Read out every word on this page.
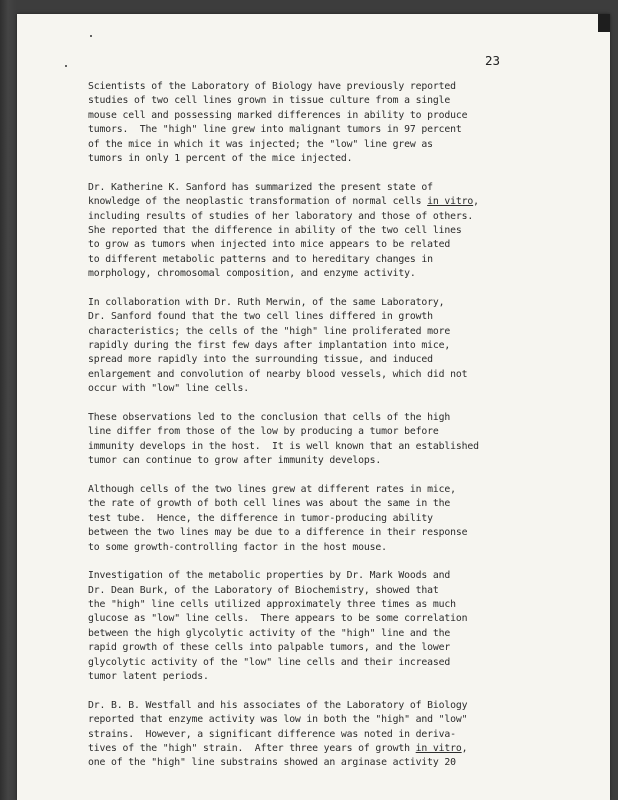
23
Scientists of the Laboratory of Biology have previously reported
studies of two cell lines grown in tissue culture from a single
mouse cell and possessing marked differences in ability to produce
tumors.  The "high" line grew into malignant tumors in 97 percent
of the mice in which it was injected; the "low" line grew as
tumors in only 1 percent of the mice injected.
Dr. Katherine K. Sanford has summarized the present state of
knowledge of the neoplastic transformation of normal cells in vitro,
including results of studies of her laboratory and those of others.
She reported that the difference in ability of the two cell lines
to grow as tumors when injected into mice appears to be related
to different metabolic patterns and to hereditary changes in
morphology, chromosomal composition, and enzyme activity.
In collaboration with Dr. Ruth Merwin, of the same Laboratory,
Dr. Sanford found that the two cell lines differed in growth
characteristics; the cells of the "high" line proliferated more
rapidly during the first few days after implantation into mice,
spread more rapidly into the surrounding tissue, and induced
enlargement and convolution of nearby blood vessels, which did not
occur with "low" line cells.
These observations led to the conclusion that cells of the high
line differ from those of the low by producing a tumor before
immunity develops in the host.  It is well known that an established
tumor can continue to grow after immunity develops.
Although cells of the two lines grew at different rates in mice,
the rate of growth of both cell lines was about the same in the
test tube.  Hence, the difference in tumor-producing ability
between the two lines may be due to a difference in their response
to some growth-controlling factor in the host mouse.
Investigation of the metabolic properties by Dr. Mark Woods and
Dr. Dean Burk, of the Laboratory of Biochemistry, showed that
the "high" line cells utilized approximately three times as much
glucose as "low" line cells.  There appears to be some correlation
between the high glycolytic activity of the "high" line and the
rapid growth of these cells into palpable tumors, and the lower
glycolytic activity of the "low" line cells and their increased
tumor latent periods.
Dr. B. B. Westfall and his associates of the Laboratory of Biology
reported that enzyme activity was low in both the "high" and "low"
strains.  However, a significant difference was noted in deriva-
tives of the "high" strain.  After three years of growth in vitro,
one of the "high" line substrains showed an arginase activity 20
